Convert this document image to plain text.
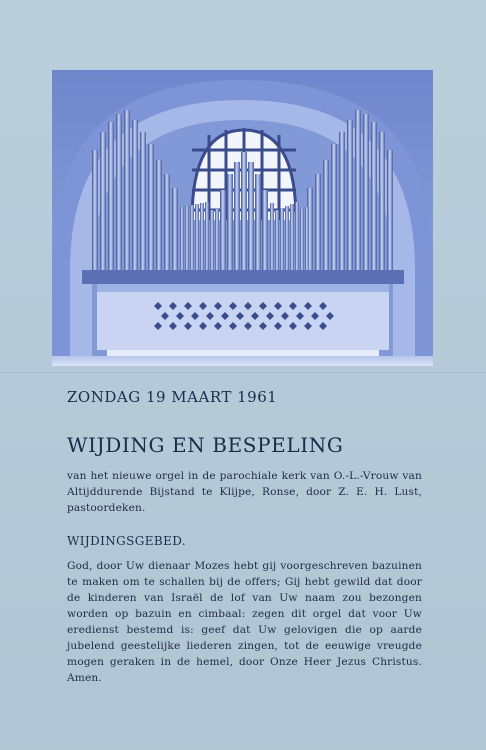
ZONDAG 19 MAART 1961
WIJDING EN BESPELING
van het nieuwe orgel in de parochiale kerk van O.-L.-Vrouw van Altijddurende Bijstand te Klijpe, Ronse, door Z. E. H. Lust, pastoordeken.
WIJDINGSGEBED.
God, door Uw dienaar Mozes hebt gij voorgeschreven bazuinen te maken om te schallen bij de offers; Gij hebt gewild dat door de kinderen van Israël de lof van Uw naam zou bezongen worden op bazuin en cimbaal: zegen dit orgel dat voor Uw eredienst bestemd is: geef dat Uw gelovigen die op aarde jubelend geestelijke liederen zingen, tot de eeuwige vreugde mogen geraken in de hemel, door Onze Heer Jezus Christus. Amen.
